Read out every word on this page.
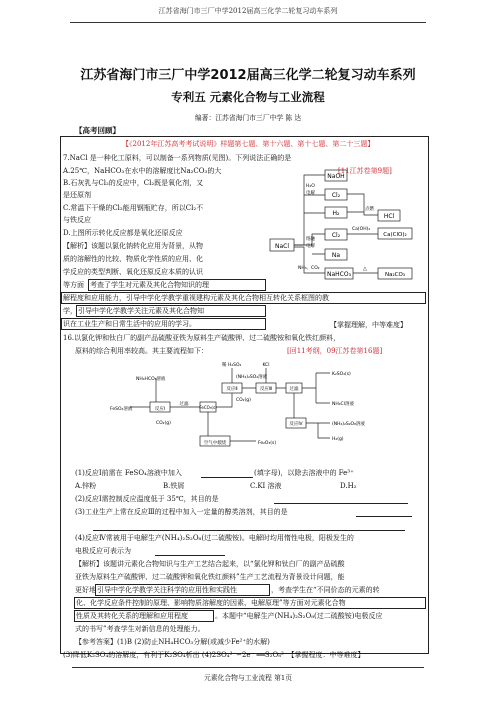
江苏省海门市三厂中学2012届高三化学二轮复习动车系列
江苏省海门市三厂中学2012届高三化学二轮复习动车系列
专利五 元素化合物与工业流程
编著：江苏省海门市三厂中学 陈 达
【高考回顾】
【《2012年江苏高考考试说明》样题第七题、第十六题、第十七题、第二十三题】
7.NaCl 是一种化工原料，可以制备一系列物质(见图)。下列说法正确的是
A.25℃，NaHCO₃在水中的溶解度比Na₂CO₃的大	[11江苏卷第9题]
B.石灰乳与Cl₂的反应中，Cl₂既是氧化剂，又
是还原剂
C.常温下干燥的Cl₂能用钢瓶贮存，所以Cl₂不
与铁反应
D.上图所示转化反应都是氧化还原反应
【解析】该题以氯化钠转化应用为背景，从物
质的溶解性的比较、物质化学性质的应用、化
学反应的类型判断、氧化还原反应本质的认识
等方面 考查了学生对元素及其化合物知识的理
解程度和应用能力，引导中学化学教学重视建构元素及其化合物相互转化关系框图的教
学， 引导中学化学教学关注元素及其化合物知
识在工业生产和日常生活中的应用的学习。	【掌握理解，中等难度】
NaCl
NaOH
Cl₂
H₂
Cl₂
Na
NaHCO₃
HCl
Ca(ClO)₂
Na₂CO₃
H₂O
电解
熔融
电解
NH₃、CO₂
Ca(OH)₂
△
点燃
16.以氯化钾和钛白厂的副产品硫酸亚铁为原料生产硫酸钾、过二硫酸铵和氧化铁红颜料，
原料的综合利用率较高。其主要流程如下：	[回11考纲，09江苏卷第16题]
FeSO₄溶液
NH₄HCO₃溶液
反应Ⅰ
过滤
CO₂(g)
FeCO₃(s)
空气中煅烧	Fe₂O₃(s)
稀 H₂SO₄
反应Ⅱ	反应Ⅲ
KCl
过滤
反应Ⅳ
K₂SO₄(s)
NH₄Cl溶液
(NH₄)₂SO₄溶液
(NH₄)₂S₂O₈溶液
H₂(g)
CO₂(g)
(1)反应Ⅰ前需在 FeSO₄溶液中加入	(填字母)，以除去溶液中的 Fe³⁺
A.锌粉	B.铁屑	C.KI 溶液	D.H₂
(2)反应Ⅰ需控制反应温度低于 35℃，其目的是
(3)工业生产上常在反应Ⅲ的过程中加入一定量的醇类溶剂，其目的是
(4)反应Ⅳ常被用于电解生产(NH₄)₂S₂O₈(过二硫酸铵)。电解时均用惰性电极，阳极发生的
电极反应可表示为
【解析】该题讲元素化合物知识与生产工艺结合起来，以“氯化钾和钛白厂的副产品硫酸
亚铁为原料生产硫酸钾、过二硫酸钾和氧化铁红颜料”生产工艺流程为背景设计问题，能
更好地 引导中学化学教学关注科学的应用性和实践性	，考查学生在“不同价态的元素的转
化、化学反应条件控制的原理、影响物质溶解度的因素、电解原理”等方面对元素化合物
性质及其转化关系的理解和应用程度	。本题中“电解生产(NH₄)₂S₂O₈(过二硫酸铵)电极反应
式的书写”考查学生对新信息的处理能力。
【参考答案】(1)B (2)防止NH₄HCO₃分解(或减少Fe²⁺的水解)
(3)降低K₂SO₄的溶解度，有利于K₂SO₄析出 (4)2SO₄²⁻−2e⁻ ══S₂O₈²⁻【掌握程度：中等难度】
元素化合物与工业流程 第1页
